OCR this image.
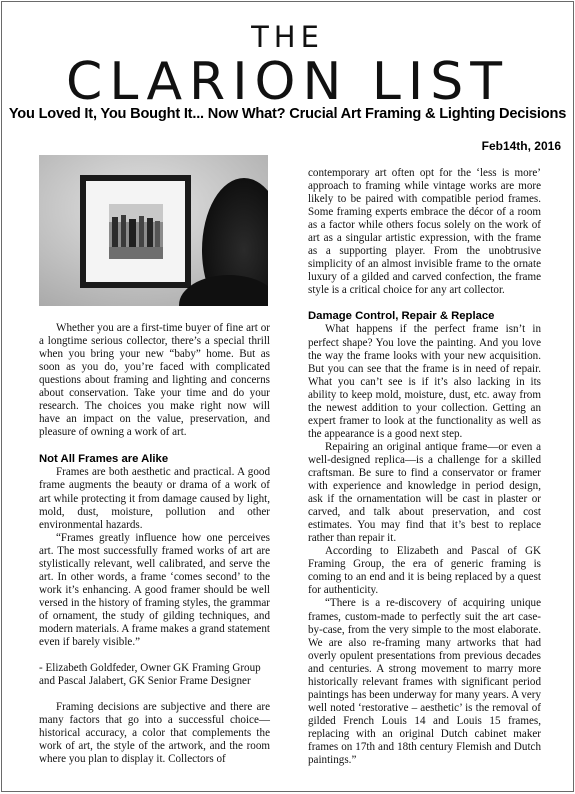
THE
CLARION LIST
You Loved It, You Bought It... Now What? Crucial Art Framing & Lighting Decisions
Feb14th, 2016

Whether you are a first-time buyer of fine art or a longtime serious collector, there’s a special thrill when you bring your new “baby” home. But as soon as you do, you’re faced with complicated questions about framing and lighting and concerns about conservation. Take your time and do your research. The choices you make right now will have an impact on the value, preservation, and pleasure of owning a work of art.

Not All Frames are Alike

Frames are both aesthetic and practical. A good frame augments the beauty or drama of a work of art while protecting it from damage caused by light, mold, dust, moisture, pollution and other environmental hazards.

“Frames greatly influence how one perceives art. The most successfully framed works of art are stylistically relevant, well calibrated, and serve the art. In other words, a frame ‘comes second’ to the work it’s enhancing. A good framer should be well versed in the history of framing styles, the grammar of ornament, the study of gilding techniques, and modern materials. A frame makes a grand statement even if barely visible.”

- Elizabeth Goldfeder, Owner GK Framing Group and Pascal Jalabert, GK Senior Frame Designer

Framing decisions are subjective and there are many factors that go into a successful choice—historical accuracy, a color that complements the work of art, the style of the artwork, and the room where you plan to display it. Collectors of

contemporary art often opt for the ‘less is more’ approach to framing while vintage works are more likely to be paired with compatible period frames. Some framing experts embrace the décor of a room as a factor while others focus solely on the work of art as a singular artistic expression, with the frame as a supporting player. From the unobtrusive simplicity of an almost invisible frame to the ornate luxury of a gilded and carved confection, the frame style is a critical choice for any art collector.

Damage Control, Repair & Replace

What happens if the perfect frame isn’t in perfect shape? You love the painting. And you love the way the frame looks with your new acquisition. But you can see that the frame is in need of repair. What you can’t see is if it’s also lacking in its ability to keep mold, moisture, dust, etc. away from the newest addition to your collection. Getting an expert framer to look at the functionality as well as the appearance is a good next step.

Repairing an original antique frame—or even a well-designed replica—is a challenge for a skilled craftsman. Be sure to find a conservator or framer with experience and knowledge in period design, ask if the ornamentation will be cast in plaster or carved, and talk about preservation, and cost estimates. You may find that it’s best to replace rather than repair it.

According to Elizabeth and Pascal of GK Framing Group, the era of generic framing is coming to an end and it is being replaced by a quest for authenticity.

“There is a re-discovery of acquiring unique frames, custom-made to perfectly suit the art case-by-case, from the very simple to the most elaborate. We are also re-framing many artworks that had overly opulent presentations from previous decades and centuries. A strong movement to marry more historically relevant frames with significant period paintings has been underway for many years. A very well noted ‘restorative – aesthetic’ is the removal of gilded French Louis 14 and Louis 15 frames, replacing with an original Dutch cabinet maker frames on 17th and 18th century Flemish and Dutch paintings.”
